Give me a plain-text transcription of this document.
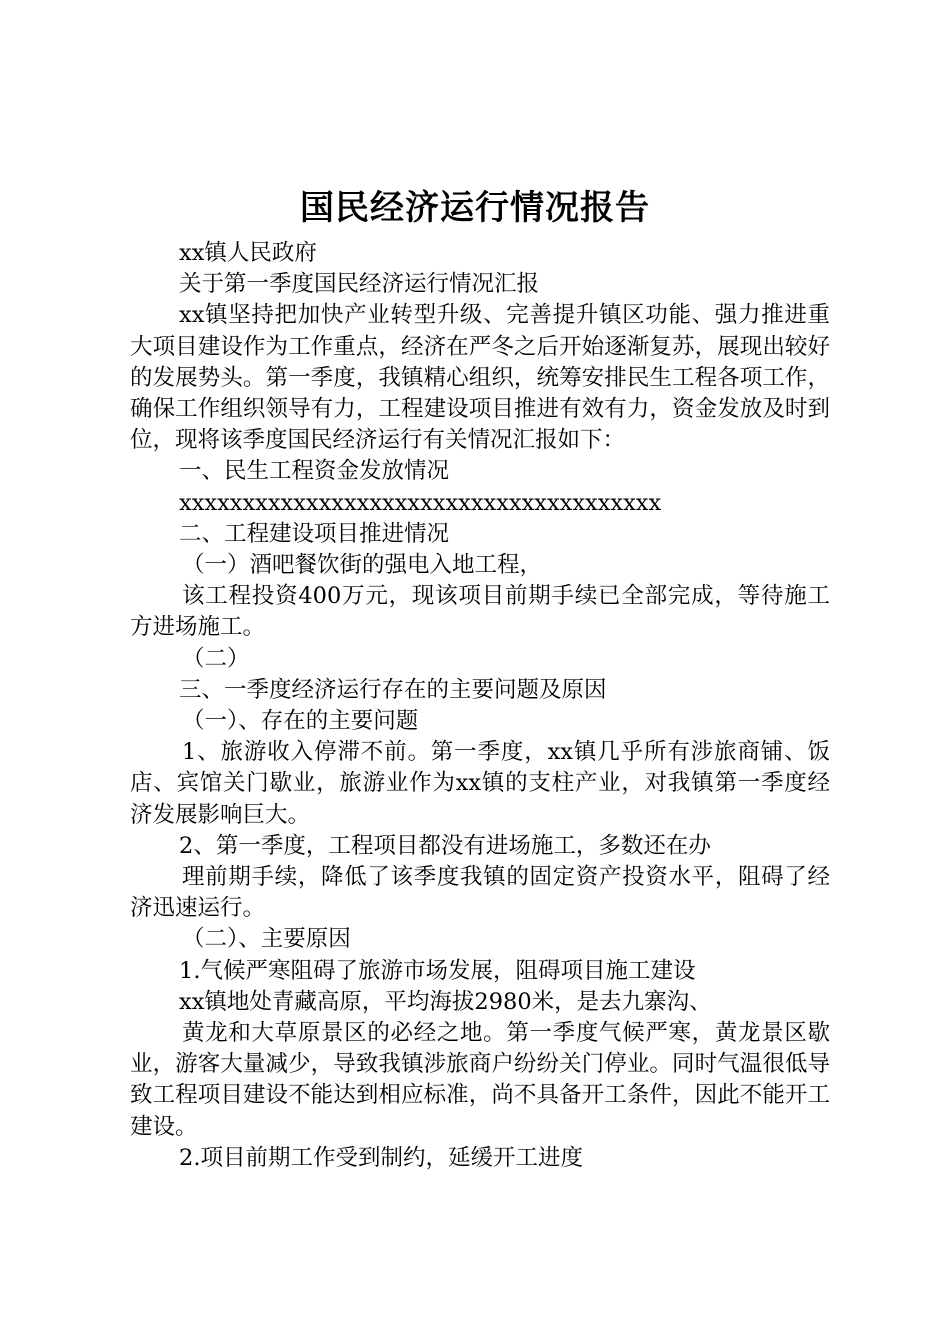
国民经济运行情况报告

xx镇人民政府

关于第一季度国民经济运行情况汇报

xx镇坚持把加快产业转型升级、完善提升镇区功能、强力推进重大项目建设作为工作重点，经济在严冬之后开始逐渐复苏，展现出较好的发展势头。第一季度，我镇精心组织，统筹安排民生工程各项工作，确保工作组织领导有力，工程建设项目推进有效有力，资金发放及时到位，现将该季度国民经济运行有关情况汇报如下：

一、民生工程资金发放情况

xxxxxxxxxxxxxxxxxxxxxxxxxxxxxxxxxxxxxx

二、工程建设项目推进情况

（一）酒吧餐饮街的强电入地工程，

该工程投资400万元，现该项目前期手续已全部完成，等待施工方进场施工。

（二）

三、一季度经济运行存在的主要问题及原因

（一）、存在的主要问题

1、旅游收入停滞不前。第一季度，xx镇几乎所有涉旅商铺、饭店、宾馆关门歇业，旅游业作为xx镇的支柱产业，对我镇第一季度经济发展影响巨大。

2、第一季度，工程项目都没有进场施工，多数还在办

理前期手续，降低了该季度我镇的固定资产投资水平，阻碍了经济迅速运行。

（二）、主要原因

1.气候严寒阻碍了旅游市场发展，阻碍项目施工建设

xx镇地处青藏高原，平均海拔2980米，是去九寨沟、

黄龙和大草原景区的必经之地。第一季度气候严寒，黄龙景区歇业，游客大量减少，导致我镇涉旅商户纷纷关门停业。同时气温很低导致工程项目建设不能达到相应标准，尚不具备开工条件，因此不能开工建设。

2.项目前期工作受到制约，延缓开工进度
